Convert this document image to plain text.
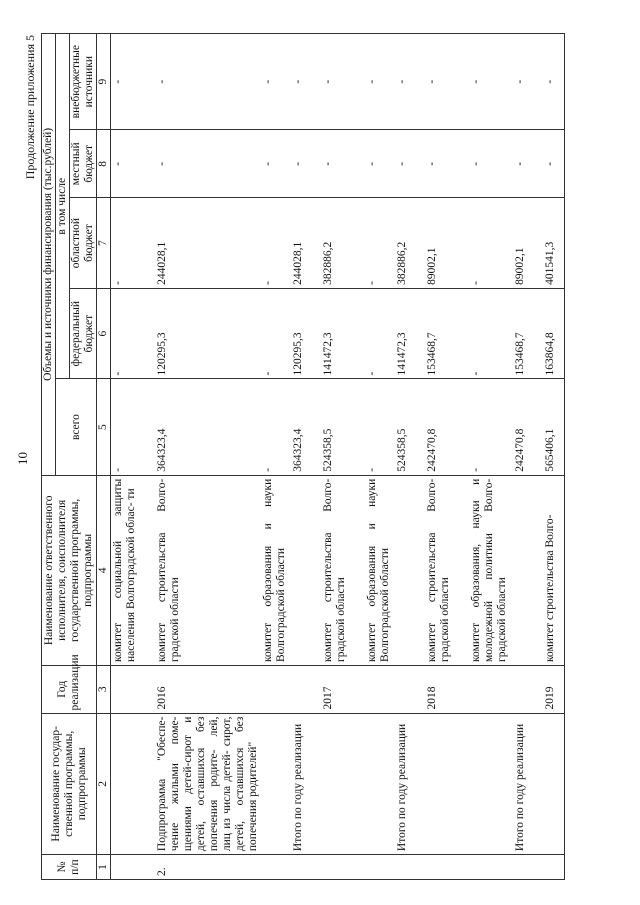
10
Продолжение приложения 5
№ п/п	Наименование государ- ственной программы, подпрограммы	Год реализации	Наименование ответственного исполнителя, соисполнителя государственной программы, подпрограммы	Объемы и источники финансирования (тыс.рублей)				
				всего	в том числе			
					федеральный бюджет	областной бюджет	местный бюджет	внебюджетные источники
1	2	3	4	5	6	7	8	9
			комитет социальной защиты населения Волгоградской облас- ти	-	-	-	-	-
2.	Подпрограмма "Обеспе- чение жилыми поме- щениями детей-сирот и детей, оставшихся без попечения родите- лей, лиц из числа детей- сирот, детей, оставшихся без попечения родителей"	2016	комитет строительства Волго- градской области	364323,4	120295,3	244028,1	-	-
			комитет образования и науки Волгоградской области	-	-	-	-	-
	Итого по году реализации			364323,4	120295,3	244028,1	-	-
		2017	комитет строительства Волго- градской области	524358,5	141472,3	382886,2	-	-
			комитет образования и науки Волгоградской области	-	-	-	-	-
	Итого по году реализации			524358,5	141472,3	382886,2	-	-
		2018	комитет строительства Волго- градской области	242470,8	153468,7	89002,1	-	-
			комитет образования, науки и молодежной политики Волго- градской области	-	-	-	-	-
	Итого по году реализации			242470,8	153468,7	89002,1	-	-
		2019	комитет строительства Волго-	565406,1	163864,8	401541,3	-	-
